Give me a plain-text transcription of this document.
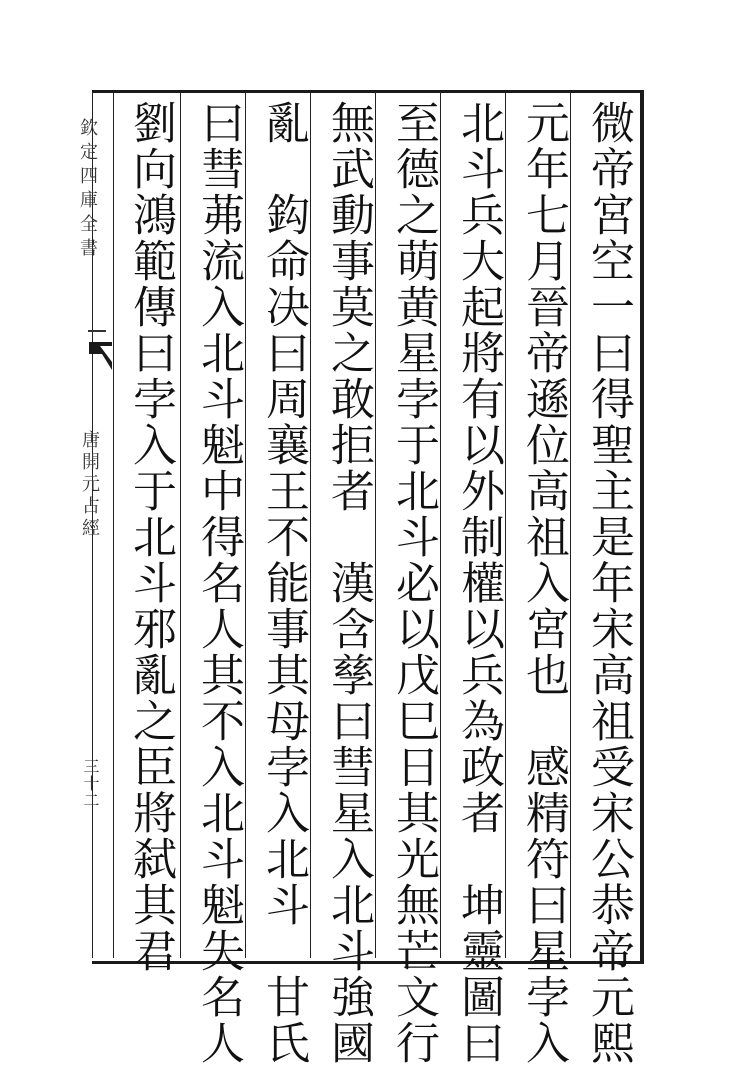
欽定四庫全書
唐開元占經
三十二	微帝宮空一曰得聖主是年宋高祖受宋公恭帝元熙
元年七月晉帝遜位高祖入宮也　感精符曰星孛入
北斗兵大起將有以外制權以兵為政者　坤靈圖曰
至德之萌黄星孛于北斗必以戊巳日其光無芒文行
無武動事莫之敢拒者　漢含孳曰彗星入北斗強國
亂　鈎命决曰周襄王不能事其母孛入北斗　甘氏
曰彗茀流入北斗魁中得名人其不入北斗魁失名人
劉向鴻範傳曰孛入于北斗邪亂之臣將弑其君
